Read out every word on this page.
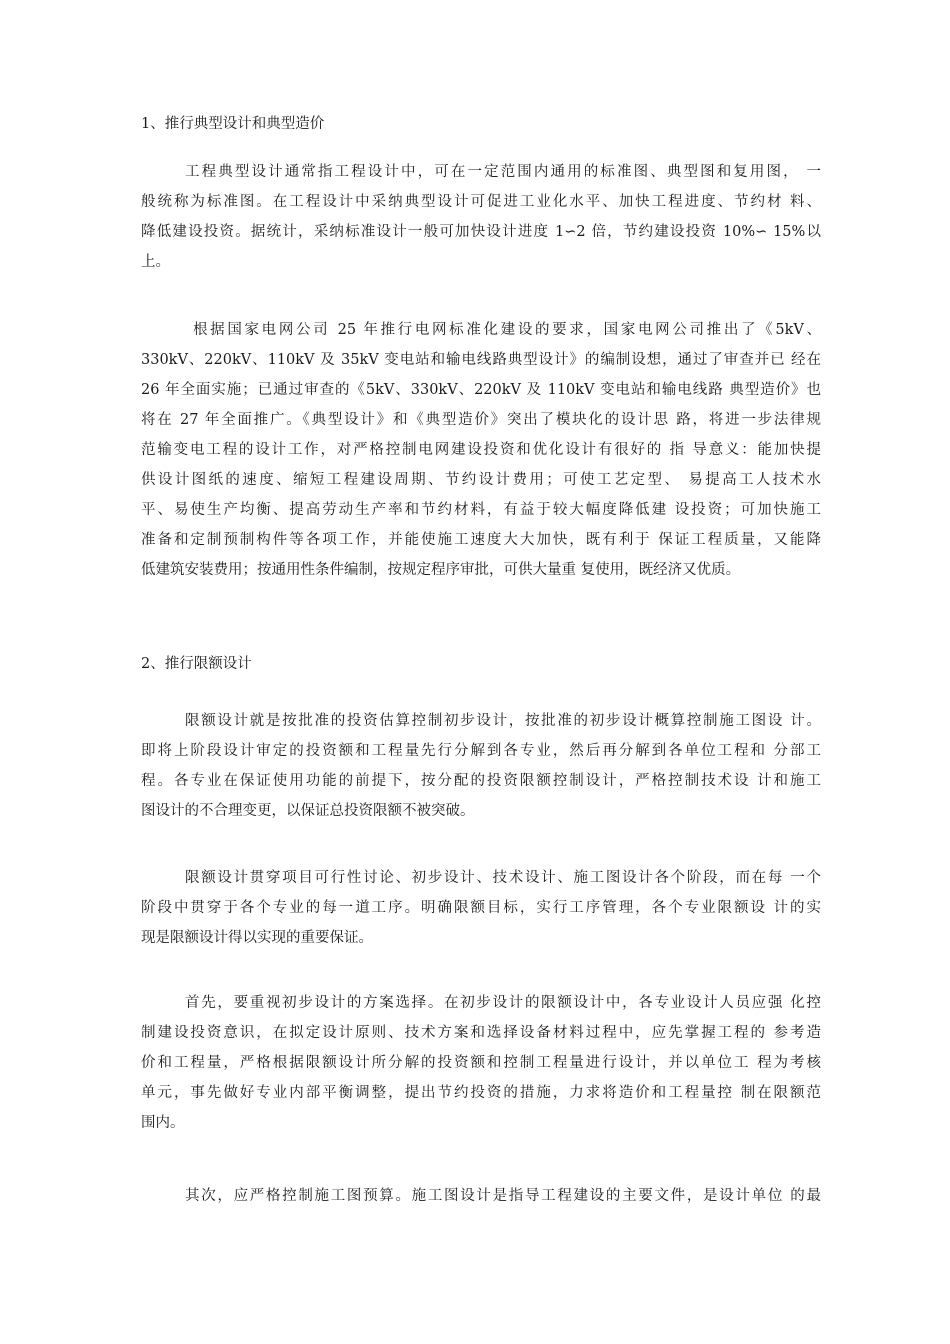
1、推行典型设计和典型造价
工程典型设计通常指工程设计中，可在一定范围内通用的标准图、典型图和复用图， 一
般统称为标准图。在工程设计中采纳典型设计可促进工业化水平、加快工程进度、节约材 料、
降低建设投资。据统计，采纳标准设计一般可加快设计进度 1∽2 倍，节约建设投资 10%∽ 15%以
上。
根据国家电网公司 25 年推行电网标准化建设的要求，国家电网公司推出了《5kV、
330kV、220kV、110kV 及 35kV 变电站和输电线路典型设计》的编制设想，通过了审查并已 经在
26 年全面实施；已通过审查的《5kV、330kV、220kV 及 110kV 变电站和输电线路 典型造价》也
将在 27 年全面推广。《典型设计》和《典型造价》突出了模块化的设计思 路，将进一步法律规
范输变电工程的设计工作，对严格控制电网建设投资和优化设计有很好的 指 导意义：能加快提
供设计图纸的速度、缩短工程建设周期、节约设计费用；可使工艺定型、 易提高工人技术水
平、易使生产均衡、提高劳动生产率和节约材料，有益于较大幅度降低建 设投资；可加快施工
准备和定制预制构件等各项工作，并能使施工速度大大加快，既有利于 保证工程质量，又能降
低建筑安装费用；按通用性条件编制，按规定程序审批，可供大量重 复使用，既经济又优质。
2、推行限额设计
限额设计就是按批准的投资估算控制初步设计，按批准的初步设计概算控制施工图设 计。
即将上阶段设计审定的投资额和工程量先行分解到各专业，然后再分解到各单位工程和 分部工
程。各专业在保证使用功能的前提下，按分配的投资限额控制设计，严格控制技术设 计和施工
图设计的不合理变更，以保证总投资限额不被突破。
限额设计贯穿项目可行性讨论、初步设计、技术设计、施工图设计各个阶段，而在每 一个
阶段中贯穿于各个专业的每一道工序。明确限额目标，实行工序管理，各个专业限额设 计的实
现是限额设计得以实现的重要保证。
首先，要重视初步设计的方案选择。在初步设计的限额设计中，各专业设计人员应强 化控
制建设投资意识，在拟定设计原则、技术方案和选择设备材料过程中，应先掌握工程的 参考造
价和工程量，严格根据限额设计所分解的投资额和控制工程量进行设计，并以单位工 程为考核
单元，事先做好专业内部平衡调整，提出节约投资的措施，力求将造价和工程量控 制在限额范
围内。
其次，应严格控制施工图预算。施工图设计是指导工程建设的主要文件，是设计单位 的最
